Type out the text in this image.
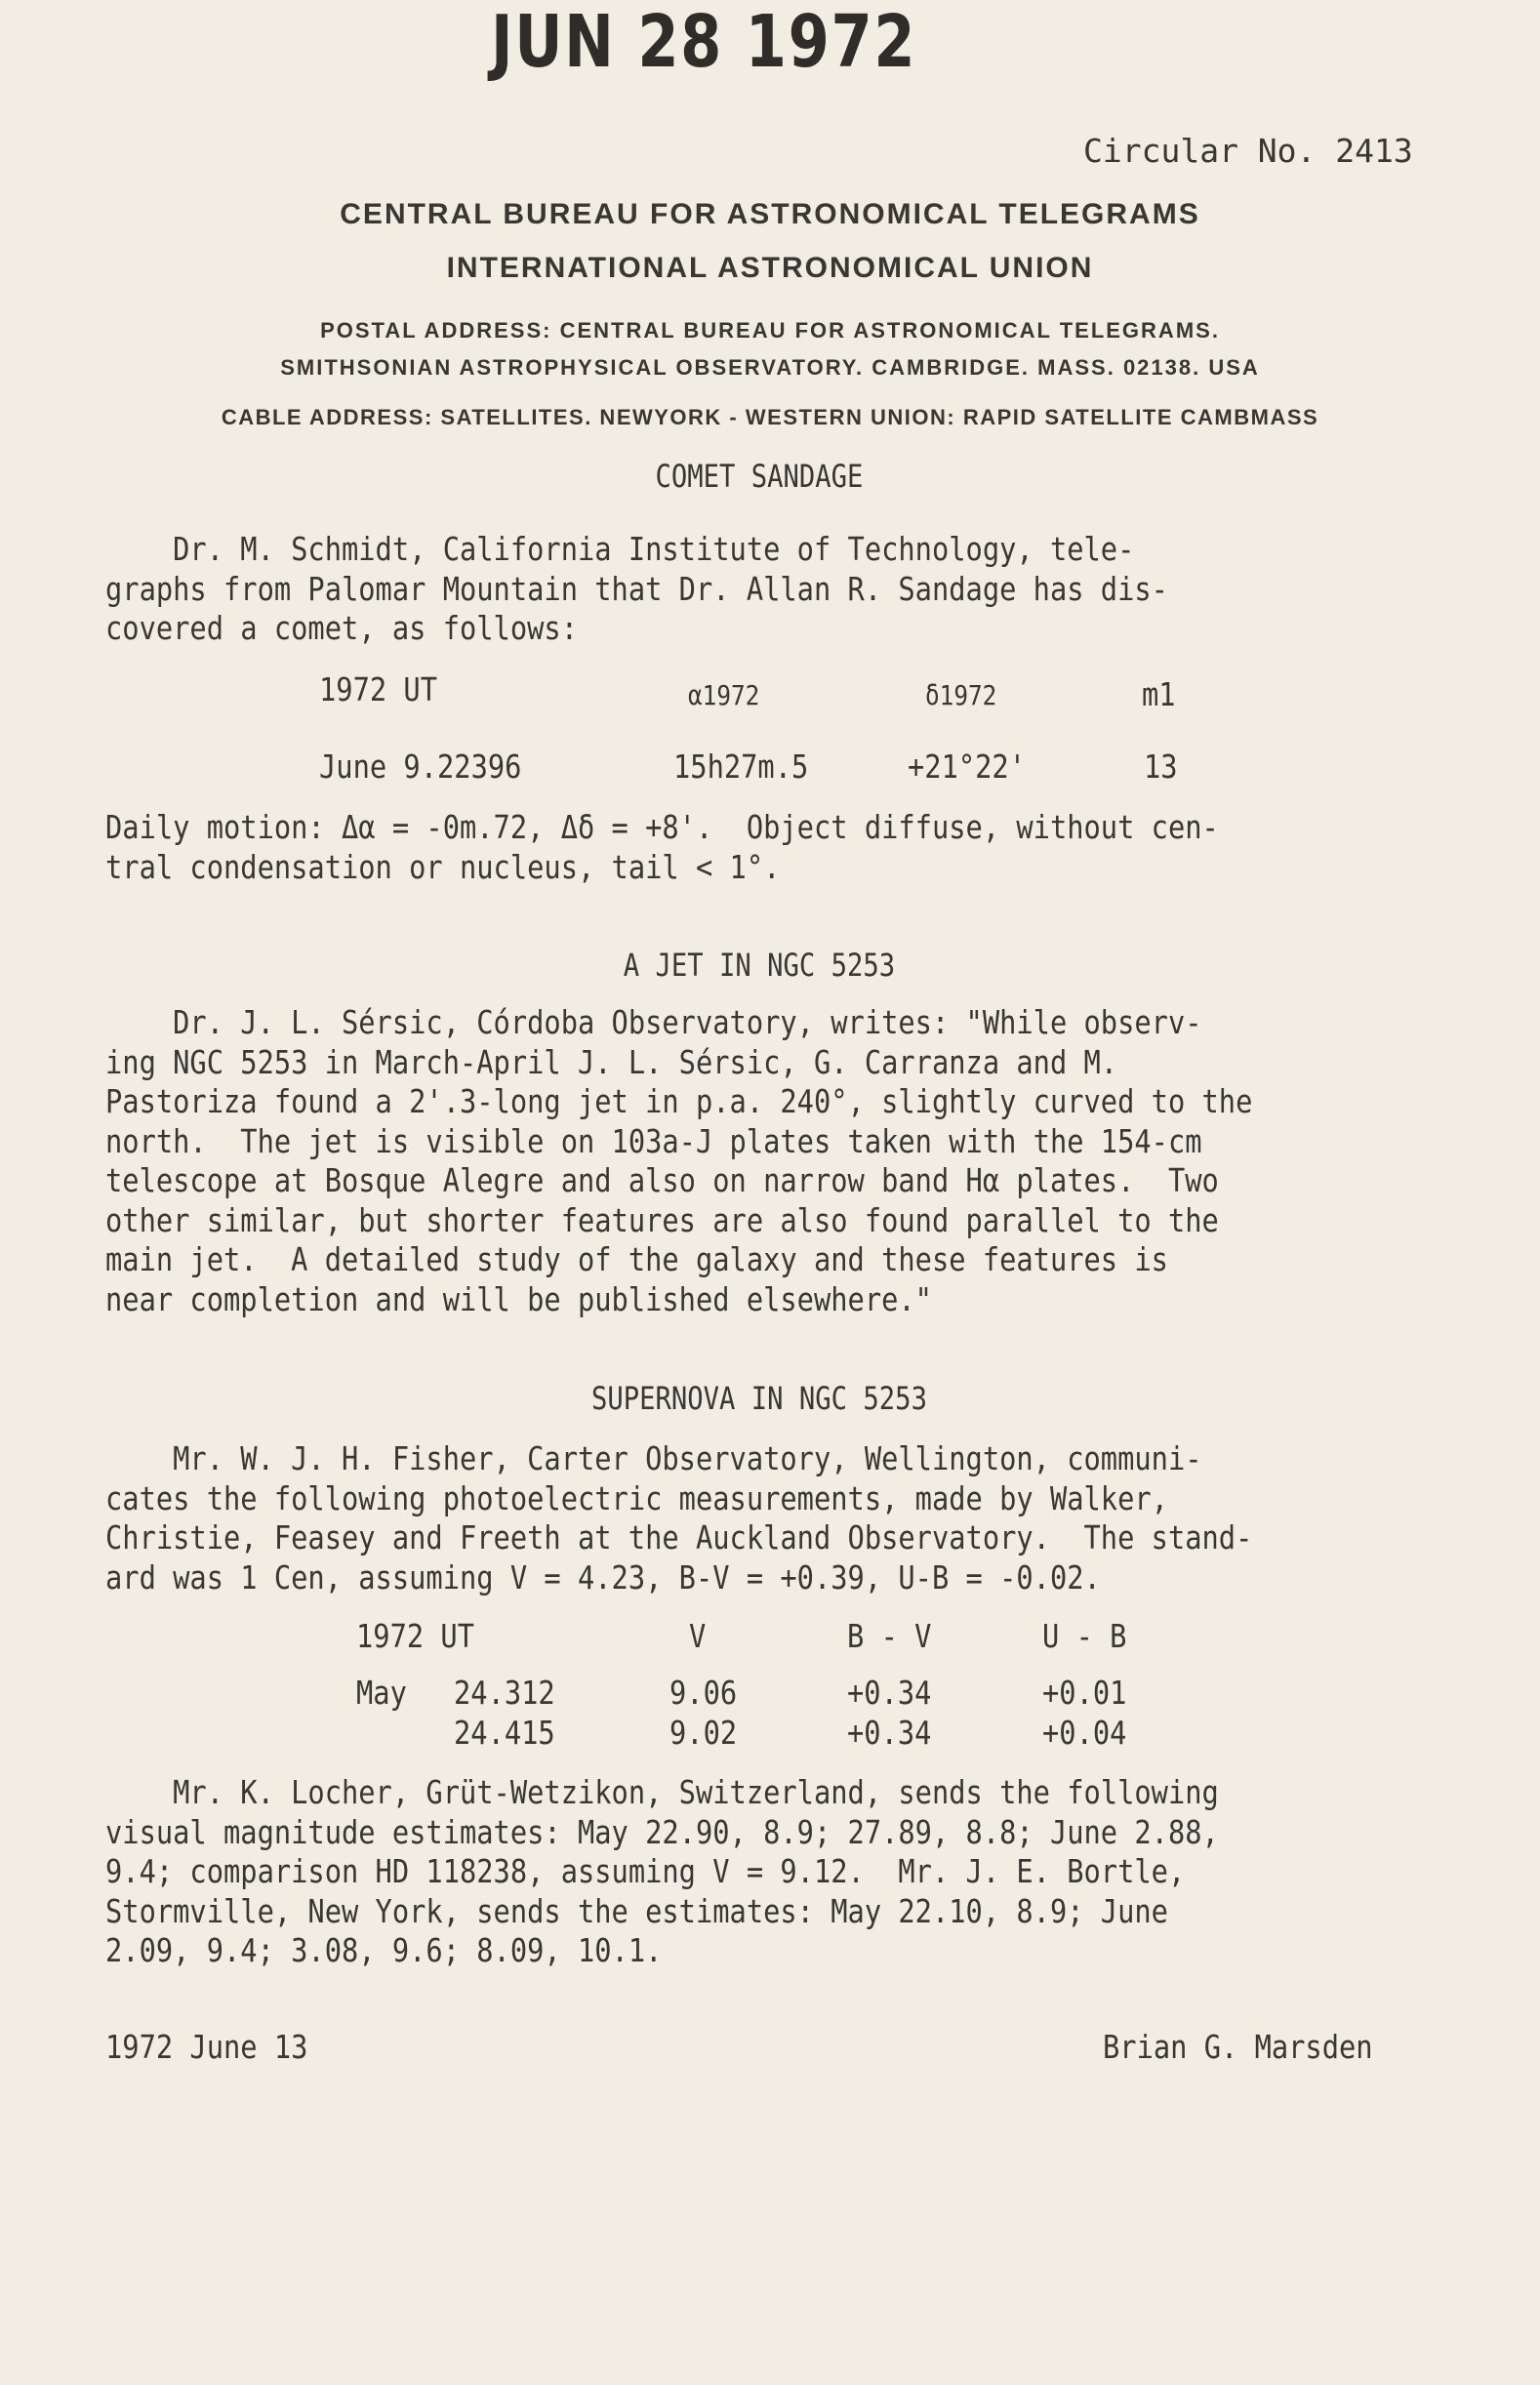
JUN 28 1972
Circular No. 2413
CENTRAL BUREAU FOR ASTRONOMICAL TELEGRAMS
INTERNATIONAL ASTRONOMICAL UNION
POSTAL ADDRESS: CENTRAL BUREAU FOR ASTRONOMICAL TELEGRAMS.
SMITHSONIAN ASTROPHYSICAL OBSERVATORY. CAMBRIDGE. MASS. 02138. USA
CABLE ADDRESS: SATELLITES. NEWYORK - WESTERN UNION: RAPID SATELLITE CAMBMASS
COMET SANDAGE
Dr. M. Schmidt, California Institute of Technology, tele-
graphs from Palomar Mountain that Dr. Allan R. Sandage has dis-
covered a comet, as follows:
1972 UT	α1972	δ1972	m1
June 9.22396	15h27m.5	+21°22'	13
Daily motion: Δα = -0m.72, Δδ = +8'.  Object diffuse, without cen-
tral condensation or nucleus, tail < 1°.
A JET IN NGC 5253
Dr. J. L. Sérsic, Córdoba Observatory, writes: "While observ-
ing NGC 5253 in March-April J. L. Sérsic, G. Carranza and M.
Pastoriza found a 2'.3-long jet in p.a. 240°, slightly curved to the
north.  The jet is visible on 103a-J plates taken with the 154-cm
telescope at Bosque Alegre and also on narrow band Hα plates.  Two
other similar, but shorter features are also found parallel to the
main jet.  A detailed study of the galaxy and these features is
near completion and will be published elsewhere."
SUPERNOVA IN NGC 5253
Mr. W. J. H. Fisher, Carter Observatory, Wellington, communi-
cates the following photoelectric measurements, made by Walker,
Christie, Feasey and Freeth at the Auckland Observatory.  The stand-
ard was 1 Cen, assuming V = 4.23, B-V = +0.39, U-B = -0.02.
1972 UT	V	B - V	U - B
May 24.312	9.06	+0.34	+0.01
24.415	9.02	+0.34	+0.04
Mr. K. Locher, Grüt-Wetzikon, Switzerland, sends the following
visual magnitude estimates: May 22.90, 8.9; 27.89, 8.8; June 2.88,
9.4; comparison HD 118238, assuming V = 9.12.  Mr. J. E. Bortle,
Stormville, New York, sends the estimates: May 22.10, 8.9; June
2.09, 9.4; 3.08, 9.6; 8.09, 10.1.
1972 June 13	Brian G. Marsden
